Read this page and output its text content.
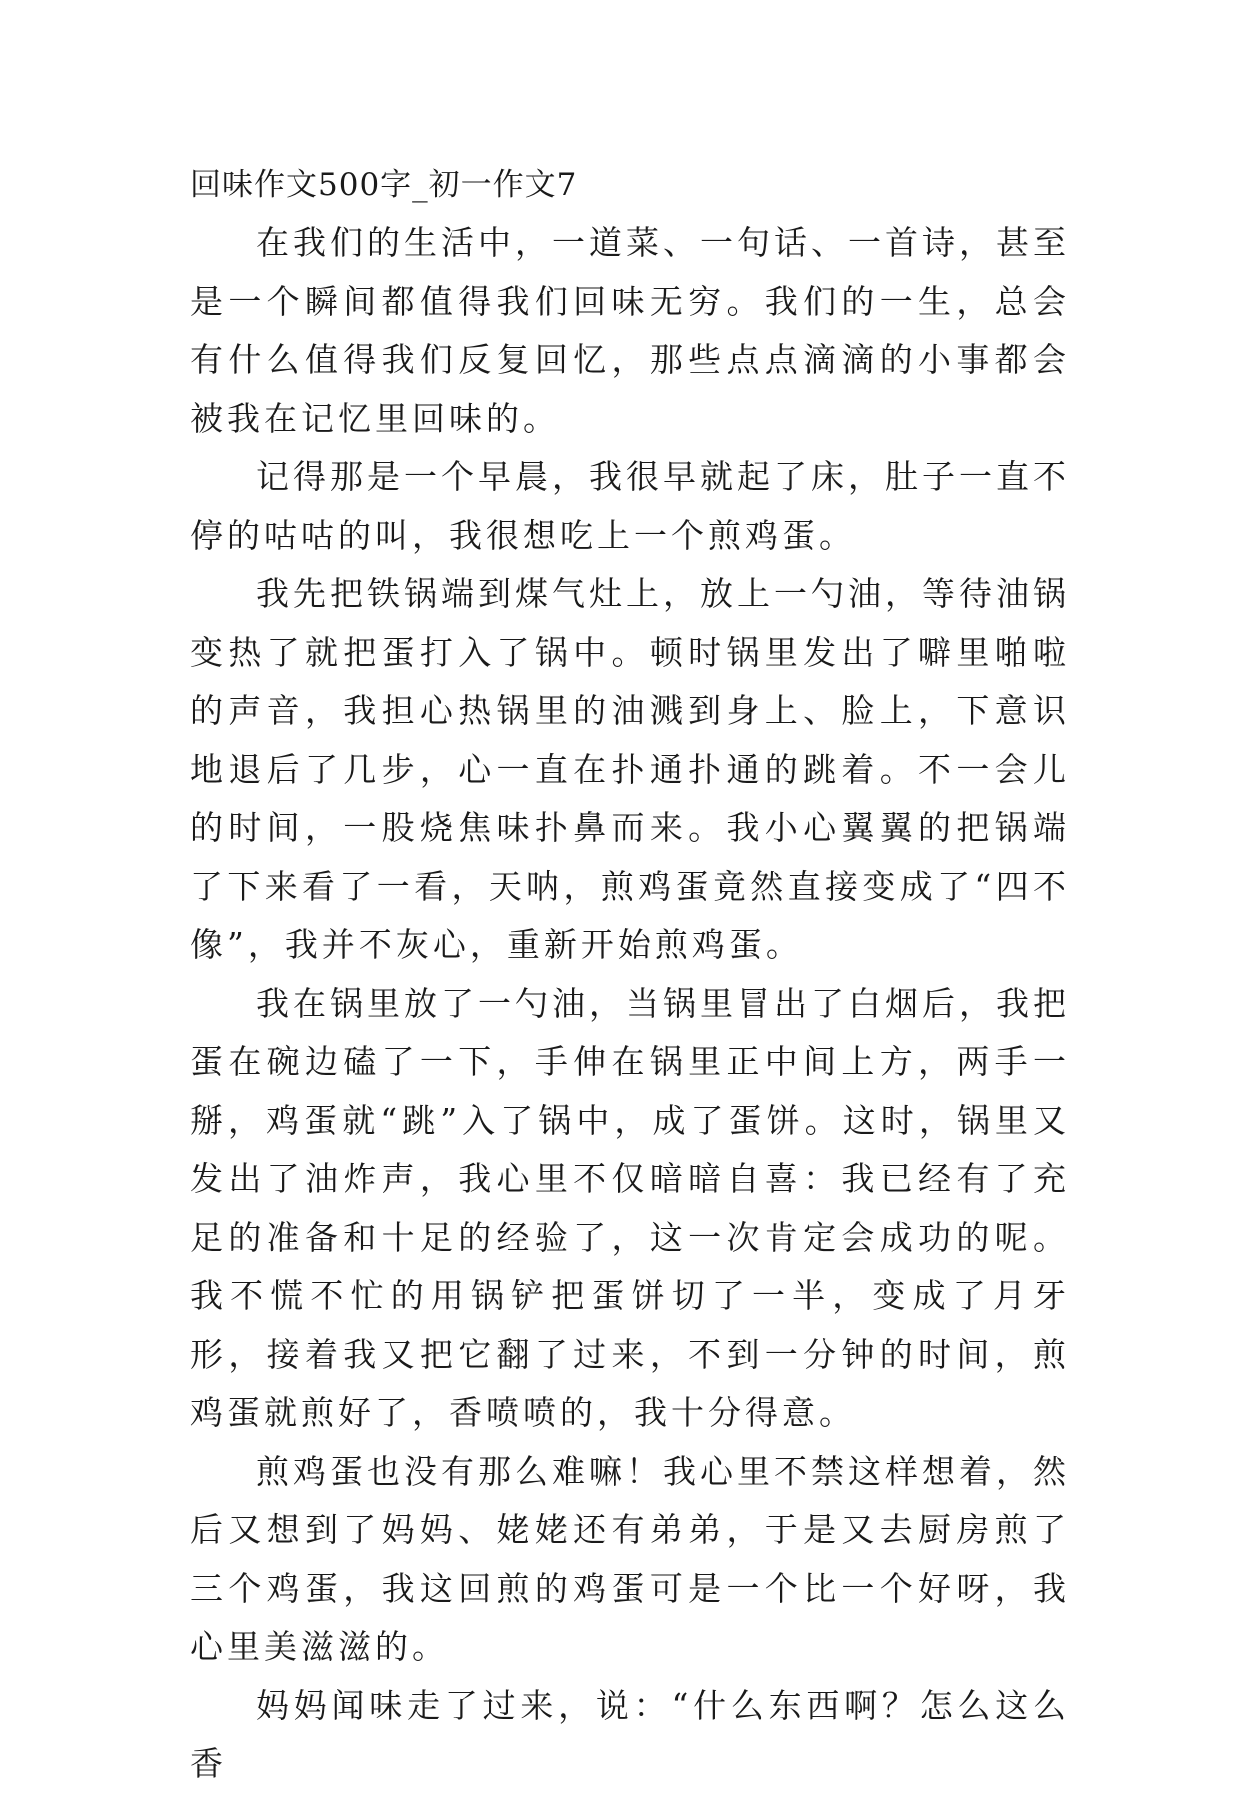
回味作文500字_初一作文7

在我们的生活中，一道菜、一句话、一首诗，甚至是一个瞬间都值得我们回味无穷。我们的一生，总会有什么值得我们反复回忆，那些点点滴滴的小事都会被我在记忆里回味的。

记得那是一个早晨，我很早就起了床，肚子一直不停的咕咕的叫，我很想吃上一个煎鸡蛋。

我先把铁锅端到煤气灶上，放上一勺油，等待油锅变热了就把蛋打入了锅中。顿时锅里发出了噼里啪啦的声音，我担心热锅里的油溅到身上、脸上，下意识地退后了几步，心一直在扑通扑通的跳着。不一会儿的时间，一股烧焦味扑鼻而来。我小心翼翼的把锅端了下来看了一看，天呐，煎鸡蛋竟然直接变成了“四不像”，我并不灰心，重新开始煎鸡蛋。

我在锅里放了一勺油，当锅里冒出了白烟后，我把蛋在碗边磕了一下，手伸在锅里正中间上方，两手一掰，鸡蛋就“跳”入了锅中，成了蛋饼。这时，锅里又发出了油炸声，我心里不仅暗暗自喜：我已经有了充足的准备和十足的经验了，这一次肯定会成功的呢。我不慌不忙的用锅铲把蛋饼切了一半，变成了月牙形，接着我又把它翻了过来，不到一分钟的时间，煎鸡蛋就煎好了，香喷喷的，我十分得意。

煎鸡蛋也没有那么难嘛！我心里不禁这样想着，然后又想到了妈妈、姥姥还有弟弟，于是又去厨房煎了三个鸡蛋，我这回煎的鸡蛋可是一个比一个好呀，我心里美滋滋的。

妈妈闻味走了过来，说：“什么东西啊？怎么这么香
